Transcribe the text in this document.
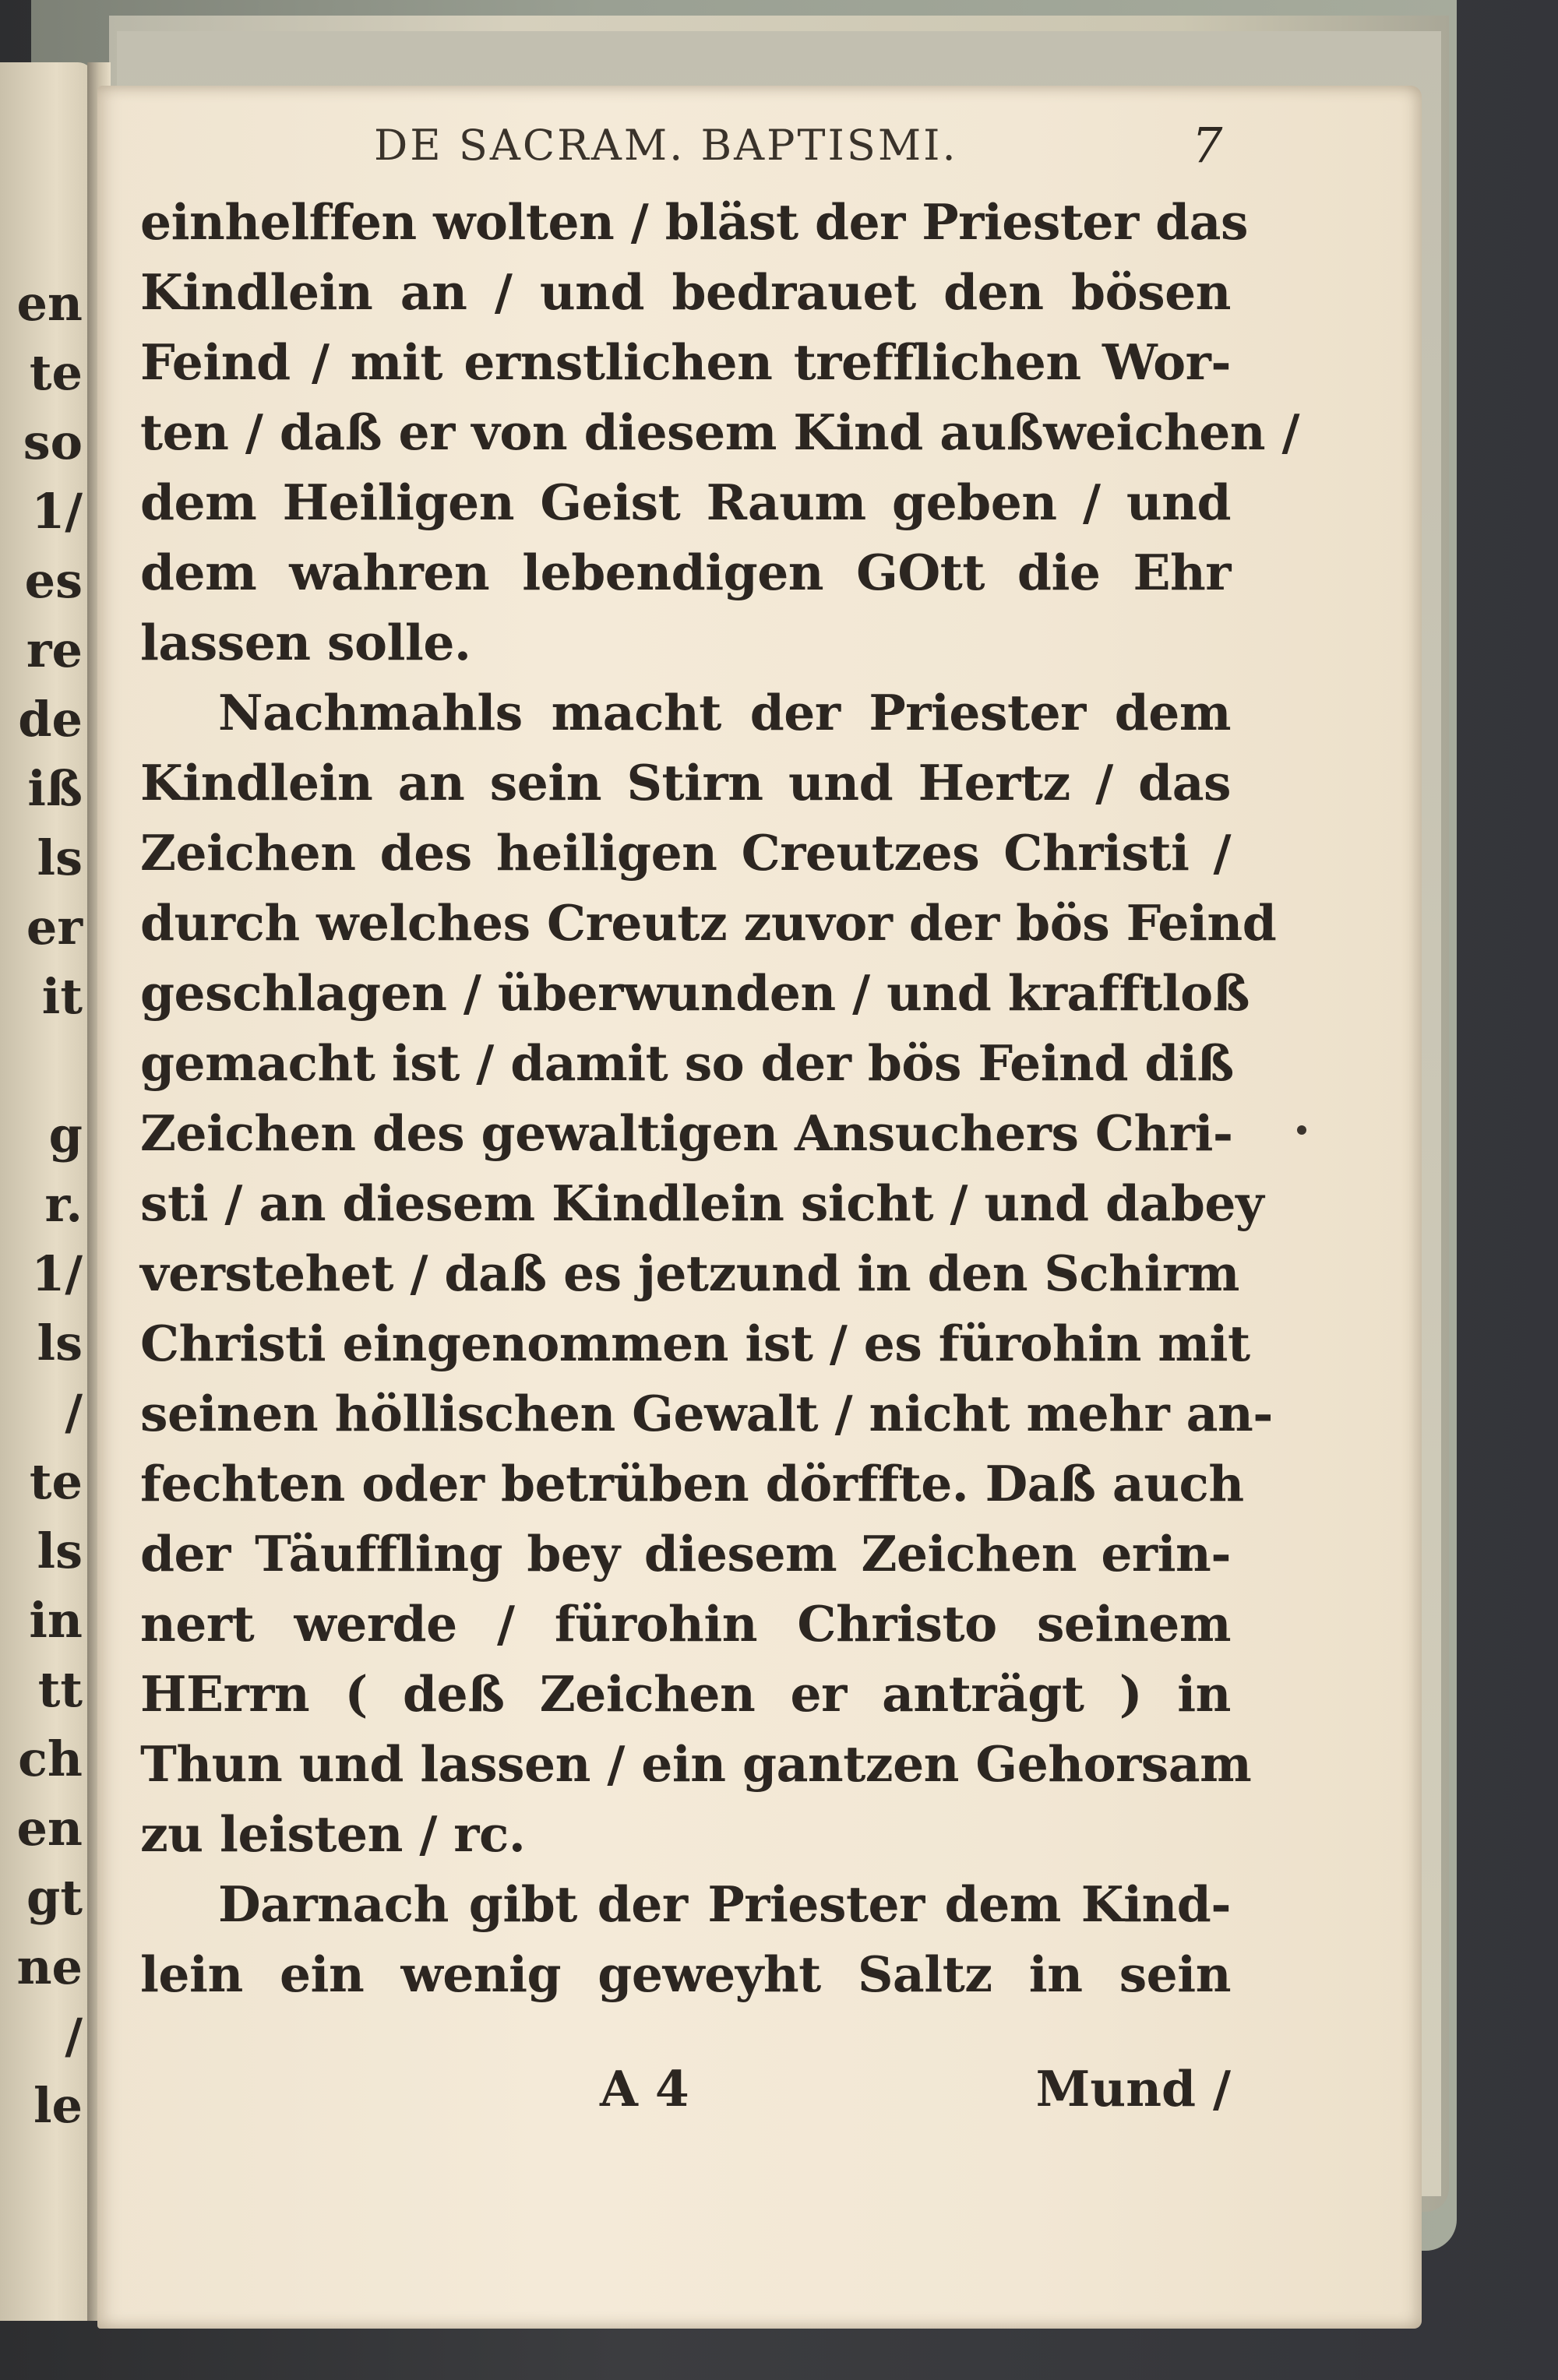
en
te
so
1/
es
re
de
iß
ls
er
it
g
r.
1/
ls
/
te
ls
in
tt
ch
en
gt
ne
/
le
DE SACRAM. BAPTISMI.	7
einhelffen wolten / bläst der Priester das
Kindlein an / und bedrauet den bösen
Feind / mit ernstlichen trefflichen Wor-
ten / daß er von diesem Kind außweichen /
dem Heiligen Geist Raum geben / und
dem wahren lebendigen GOtt die Ehr
lassen solle.
Nachmahls macht der Priester dem
Kindlein an sein Stirn und Hertz / das
Zeichen des heiligen Creutzes Christi /
durch welches Creutz zuvor der bös Feind
geschlagen / überwunden / und krafftloß
gemacht ist / damit so der bös Feind diß
Zeichen des gewaltigen Ansuchers Chri-
sti / an diesem Kindlein sicht / und dabey
verstehet / daß es jetzund in den Schirm
Christi eingenommen ist / es fürohin mit
seinen höllischen Gewalt / nicht mehr an-
fechten oder betrüben dörffte. Daß auch
der Täuffling bey diesem Zeichen erin-
nert werde / fürohin Christo seinem
HErrn ( deß Zeichen er anträgt ) in
Thun und lassen / ein gantzen Gehorsam
zu leisten / rc.
Darnach gibt der Priester dem Kind-
lein ein wenig geweyht Saltz in sein
A 4	Mund /
